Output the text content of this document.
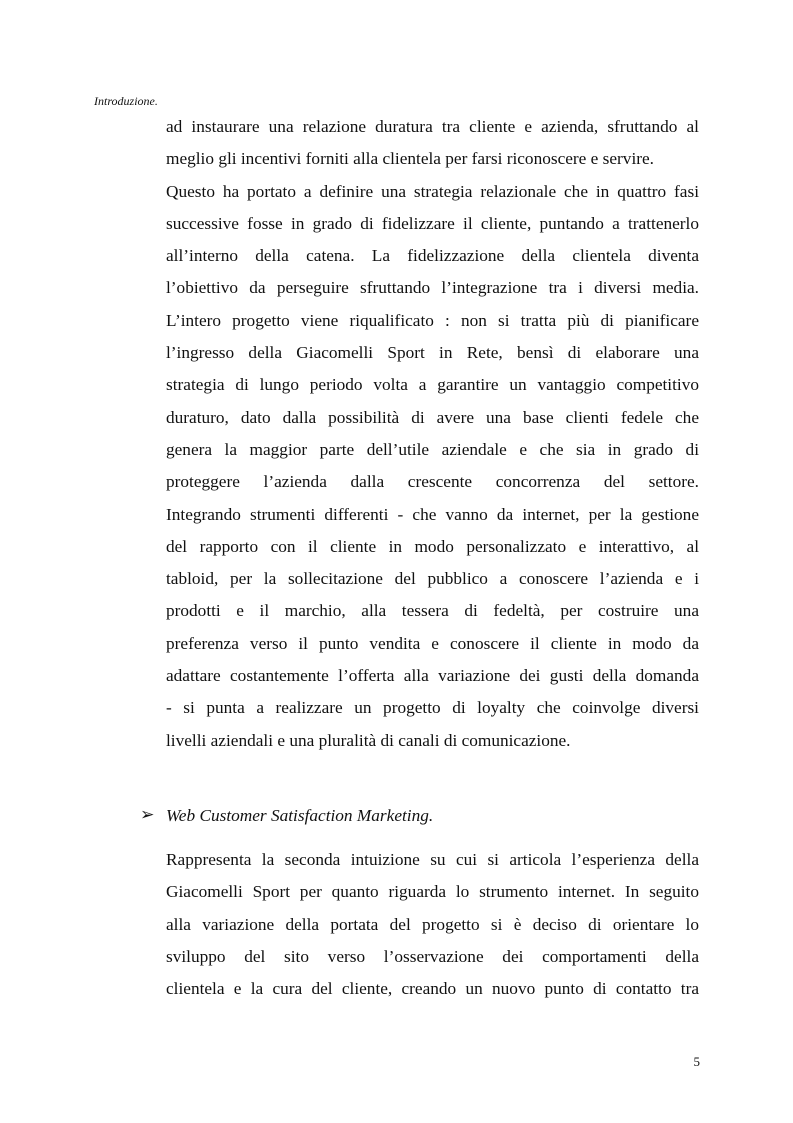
Introduzione.
ad instaurare una relazione duratura tra cliente e azienda, sfruttando al
meglio gli incentivi forniti alla clientela per farsi riconoscere e servire.
Questo ha portato a definire una strategia relazionale che in quattro fasi
successive fosse in grado di fidelizzare il cliente, puntando a trattenerlo
all’interno della catena. La fidelizzazione della clientela diventa
l’obiettivo da perseguire sfruttando l’integrazione tra i diversi media.
L’intero progetto viene riqualificato : non si tratta più di pianificare
l’ingresso della Giacomelli Sport in Rete, bensì di elaborare una
strategia di lungo periodo volta a garantire un vantaggio competitivo
duraturo, dato dalla possibilità di avere una base clienti fedele che
genera la maggior parte dell’utile aziendale e che sia in grado di
proteggere l’azienda dalla crescente concorrenza del settore.
Integrando strumenti differenti - che vanno da internet, per la gestione
del rapporto con il cliente in modo personalizzato e interattivo, al
tabloid, per la sollecitazione del pubblico a conoscere l’azienda e i
prodotti e il marchio, alla tessera di fedeltà, per costruire una
preferenza verso il punto vendita e conoscere il cliente in modo da
adattare costantemente l’offerta alla variazione dei gusti della domanda
- si punta a realizzare un progetto di loyalty che coinvolge diversi
livelli aziendali e una pluralità di canali di comunicazione.
➢ Web Customer Satisfaction Marketing.
Rappresenta la seconda intuizione su cui si articola l’esperienza della
Giacomelli Sport per quanto riguarda lo strumento internet. In seguito
alla variazione della portata del progetto si è deciso di orientare lo
sviluppo del sito verso l’osservazione dei comportamenti della
clientela e la cura del cliente, creando un nuovo punto di contatto tra
5
